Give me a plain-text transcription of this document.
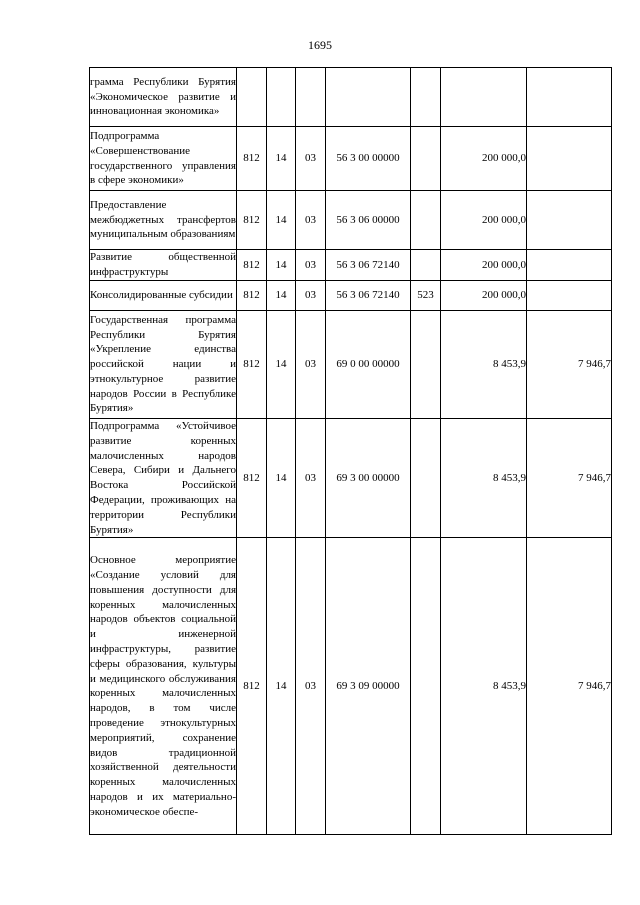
1695
грамма Республики Бурятия «Экономическое развитие и инновационная экономика»							
Подпрограмма «Совершенствование государственного управления в сфере экономики»	812	14	03	56 3 00 00000		200 000,0	
Предоставление межбюджетных трансфертов муниципальным образованиям	812	14	03	56 3 06 00000		200 000,0	
Развитие общественной инфраструктуры	812	14	03	56 3 06 72140		200 000,0	
Консолидированные субсидии	812	14	03	56 3 06 72140	523	200 000,0	
Государственная программа Республики Бурятия «Укрепление единства российской нации и этнокультурное развитие народов России в Республике Бурятия»	812	14	03	69 0 00 00000		8 453,9	7 946,7
Подпрограмма «Устойчивое развитие коренных малочисленных народов Севера, Сибири и Дальнего Востока Российской Федерации, проживающих на территории Республики Бурятия»	812	14	03	69 3 00 00000		8 453,9	7 946,7
Основное мероприятие «Создание условий для повышения доступности для коренных малочисленных народов объектов социальной и инженерной инфраструктуры, развитие сферы образования, культуры и медицинского обслуживания коренных малочисленных народов, в том числе проведение этнокультурных мероприятий, сохранение видов традиционной хозяйственной деятельности коренных малочисленных народов и их материально-экономическое обеспе-	812	14	03	69 3 09 00000		8 453,9	7 946,7
